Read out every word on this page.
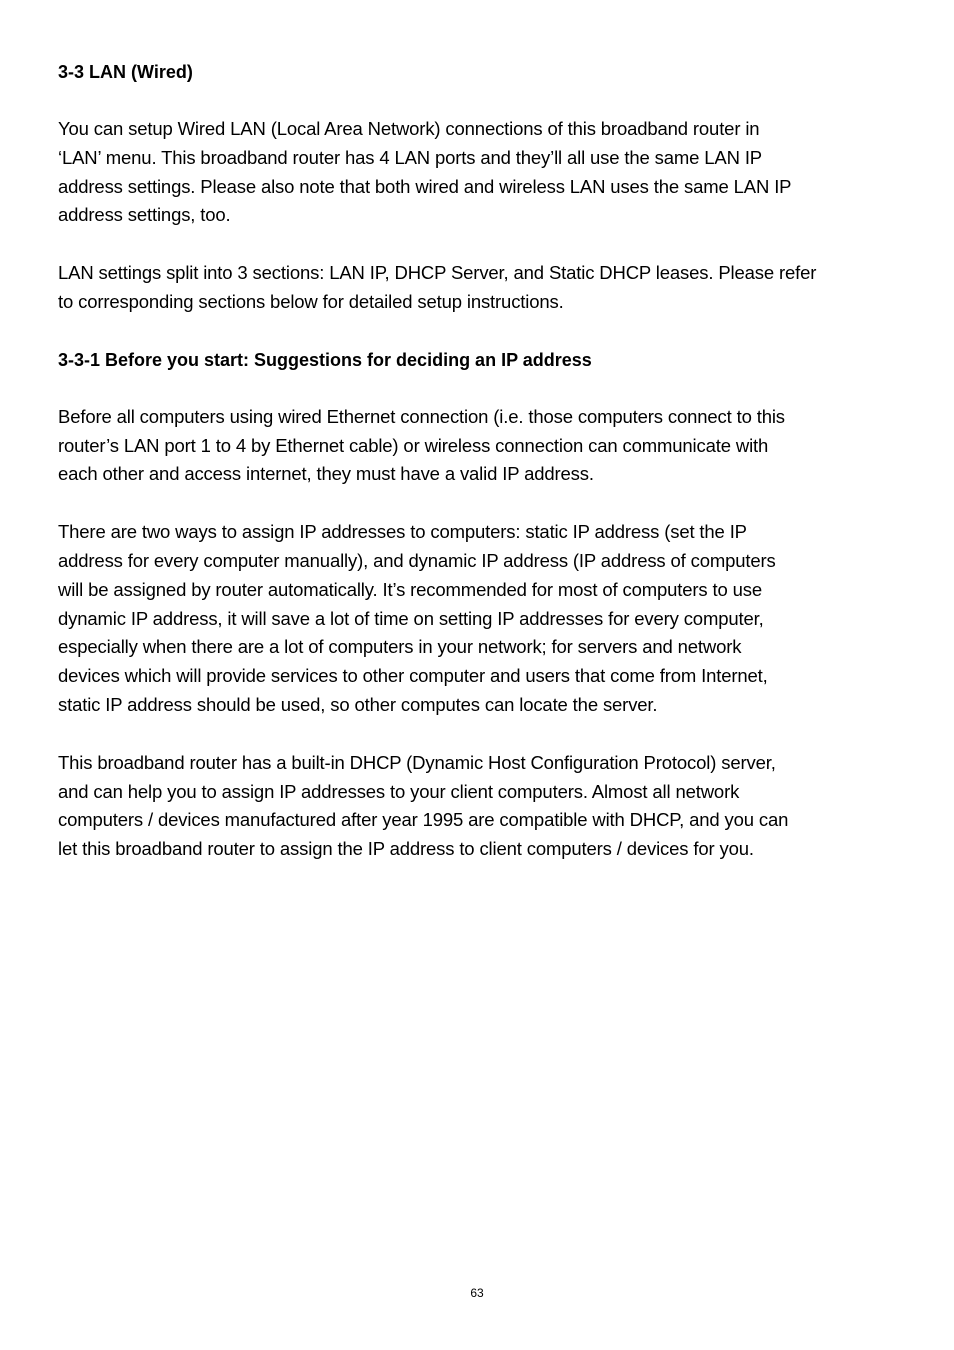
3-3 LAN (Wired)
You can setup Wired LAN (Local Area Network) connections of this broadband router in
‘LAN’ menu. This broadband router has 4 LAN ports and they’ll all use the same LAN IP
address settings. Please also note that both wired and wireless LAN uses the same LAN IP
address settings, too.
LAN settings split into 3 sections: LAN IP, DHCP Server, and Static DHCP leases. Please refer
to corresponding sections below for detailed setup instructions.
3-3-1 Before you start: Suggestions for deciding an IP address
Before all computers using wired Ethernet connection (i.e. those computers connect to this
router’s LAN port 1 to 4 by Ethernet cable) or wireless connection can communicate with
each other and access internet, they must have a valid IP address.
There are two ways to assign IP addresses to computers: static IP address (set the IP
address for every computer manually), and dynamic IP address (IP address of computers
will be assigned by router automatically. It’s recommended for most of computers to use
dynamic IP address, it will save a lot of time on setting IP addresses for every computer,
especially when there are a lot of computers in your network; for servers and network
devices which will provide services to other computer and users that come from Internet,
static IP address should be used, so other computes can locate the server.
This broadband router has a built-in DHCP (Dynamic Host Configuration Protocol) server,
and can help you to assign IP addresses to your client computers. Almost all network
computers / devices manufactured after year 1995 are compatible with DHCP, and you can
let this broadband router to assign the IP address to client computers / devices for you.
63
